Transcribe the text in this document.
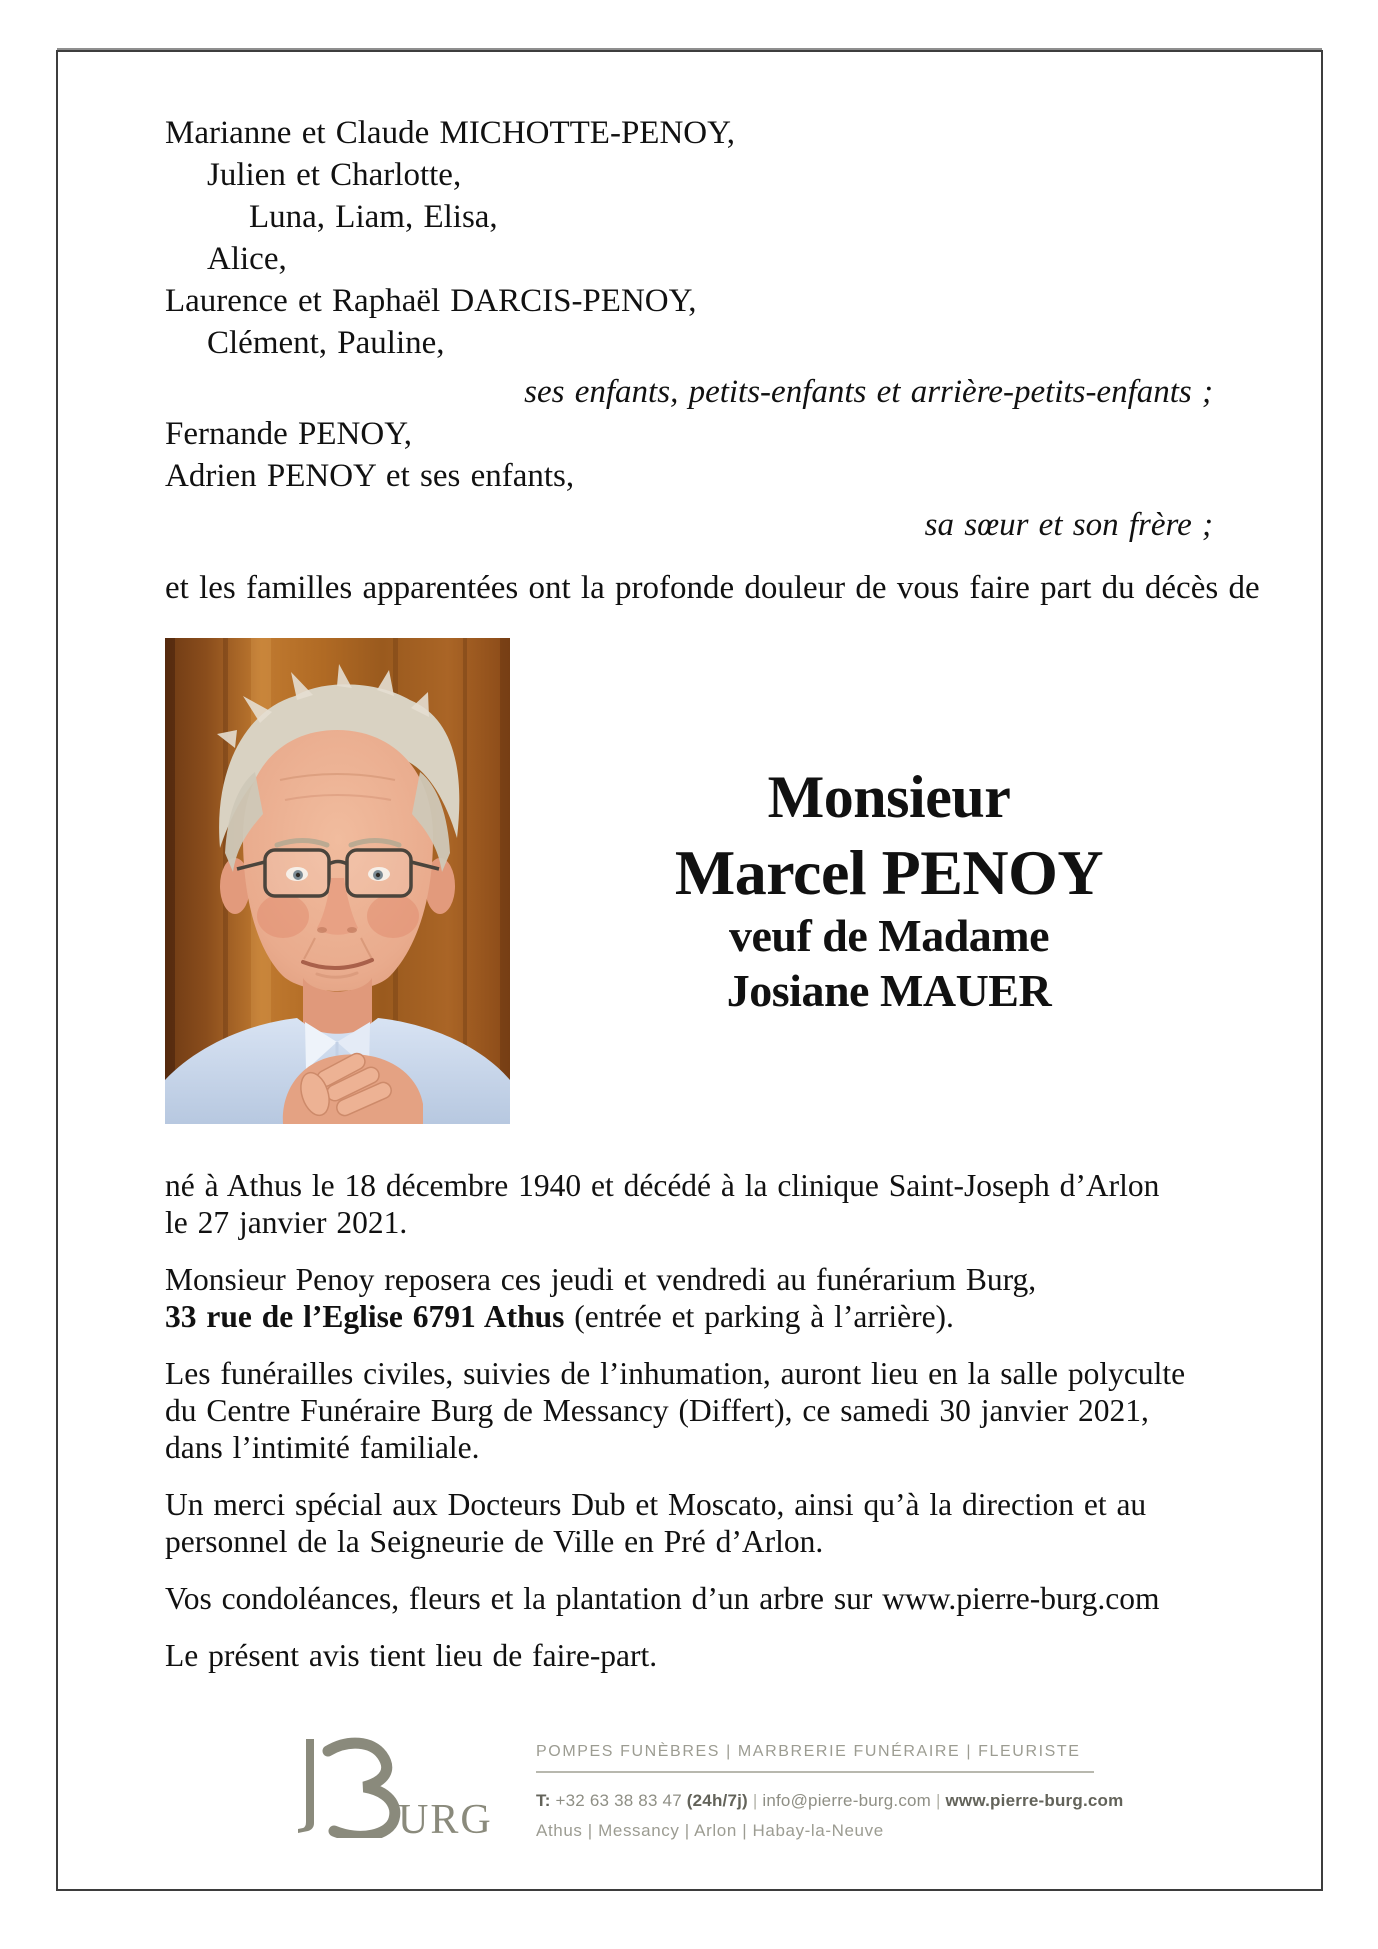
Marianne et Claude MICHOTTE-PENOY,
Julien et Charlotte,
Luna, Liam, Elisa,
Alice,
Laurence et Raphaël DARCIS-PENOY,
Clément, Pauline,
ses enfants, petits-enfants et arrière-petits-enfants ;
Fernande PENOY,
Adrien PENOY et ses enfants,
sa sœur et son frère ;
et les familles apparentées ont la profonde douleur de vous faire part du décès de
Monsieur
Marcel PENOY
veuf de Madame
Josiane MAUER
né à Athus le 18 décembre 1940 et décédé à la clinique Saint-Joseph d’Arlon
le 27 janvier 2021.
Monsieur Penoy reposera ces jeudi et vendredi au funérarium Burg,
33 rue de l’Eglise 6791 Athus (entrée et parking à l’arrière).
Les funérailles civiles, suivies de l’inhumation, auront lieu en la salle polyculte
du Centre Funéraire Burg de Messancy (Differt), ce samedi 30 janvier 2021,
dans l’intimité familiale.
Un merci spécial aux Docteurs Dub et Moscato, ainsi qu’à la direction et au
personnel de la Seigneurie de Ville en Pré d’Arlon.
Vos condoléances, fleurs et la plantation d’un arbre sur www.pierre-burg.com
Le présent avis tient lieu de faire-part.
URG
POMPES FUNÈBRES | MARBRERIE FUNÉRAIRE | FLEURISTE
T: +32 63 38 83 47 (24h/7j) | info@pierre-burg.com | www.pierre-burg.com
Athus | Messancy | Arlon | Habay-la-Neuve
